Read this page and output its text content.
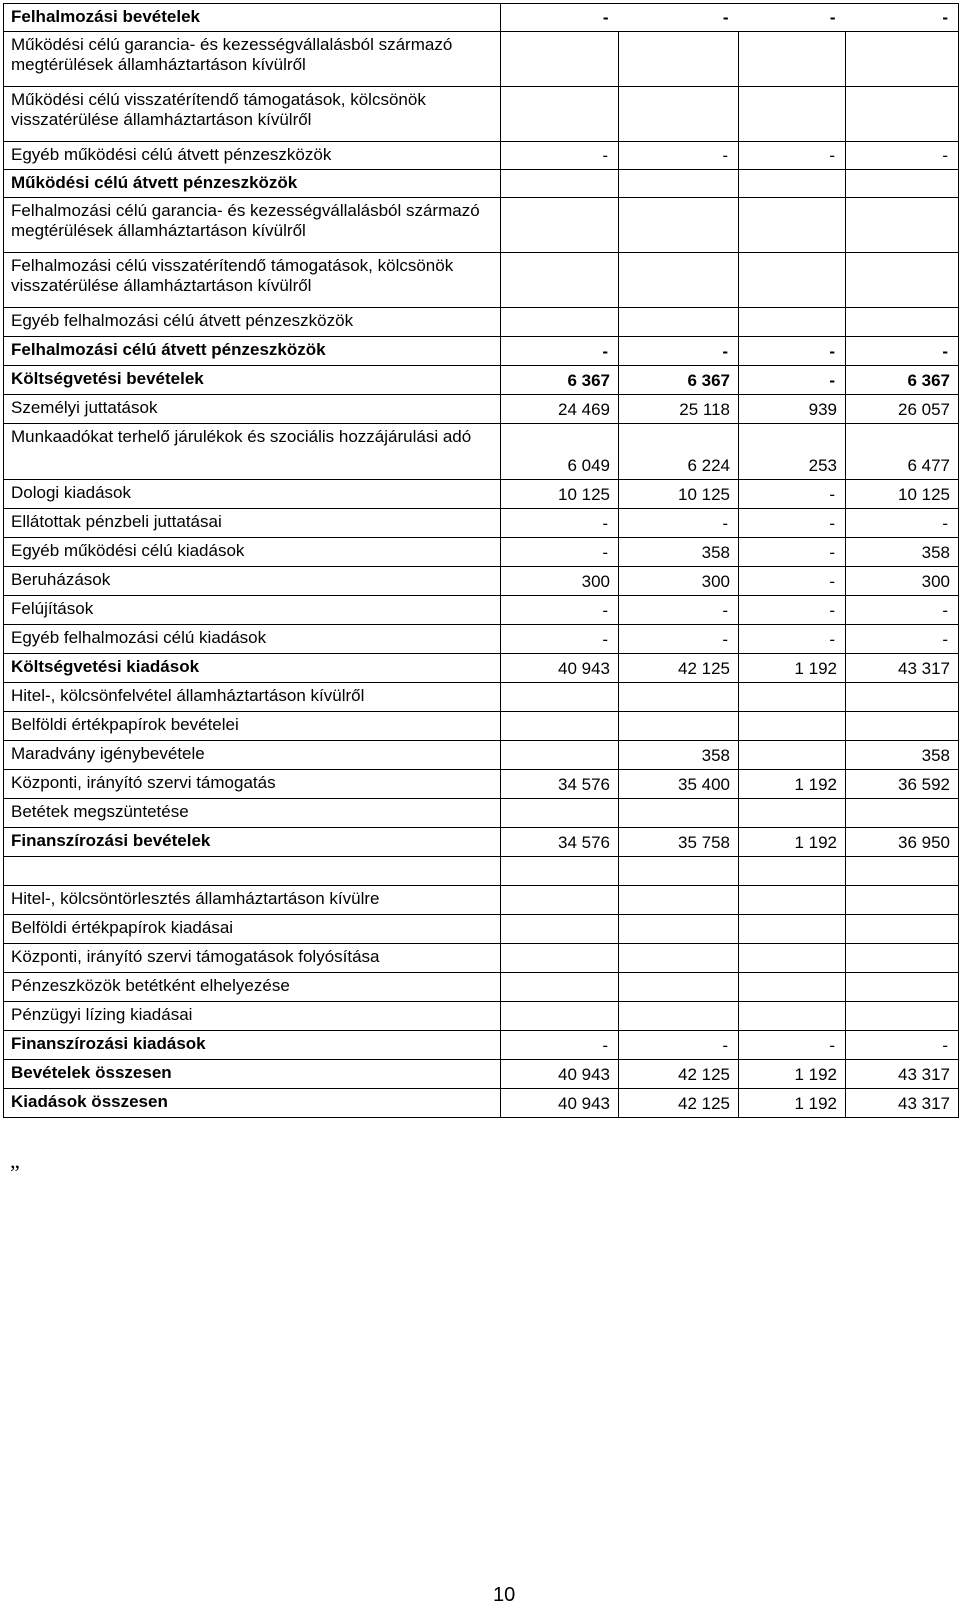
Felhalmozási bevételek	-	-	-	-
Működési célú garancia- és kezességvállalásból származó megtérülések államháztartáson kívülről				
Működési célú visszatérítendő támogatások, kölcsönök visszatérülése államháztartáson kívülről				
Egyéb működési célú átvett pénzeszközök	-	-	-	-
Működési célú átvett pénzeszközök				
Felhalmozási célú garancia- és kezességvállalásból származó megtérülések államháztartáson kívülről				
Felhalmozási célú visszatérítendő támogatások, kölcsönök visszatérülése államháztartáson kívülről				
Egyéb felhalmozási célú átvett pénzeszközök				
Felhalmozási célú átvett pénzeszközök	-	-	-	-
Költségvetési bevételek	6 367	6 367	-	6 367
Személyi juttatások	24 469	25 118	939	26 057
Munkaadókat terhelő járulékok és szociális hozzájárulási adó	6 049	6 224	253	6 477
Dologi kiadások	10 125	10 125	-	10 125
Ellátottak pénzbeli juttatásai	-	-	-	-
Egyéb működési célú kiadások	-	358	-	358
Beruházások	300	300	-	300
Felújítások	-	-	-	-
Egyéb felhalmozási célú kiadások	-	-	-	-
Költségvetési kiadások	40 943	42 125	1 192	43 317
Hitel-, kölcsönfelvétel államháztartáson kívülről				
Belföldi értékpapírok bevételei				
Maradvány igénybevétele		358		358
Központi, irányító szervi támogatás	34 576	35 400	1 192	36 592
Betétek megszüntetése				
Finanszírozási bevételek	34 576	35 758	1 192	36 950

Hitel-, kölcsöntörlesztés államháztartáson kívülre				
Belföldi értékpapírok kiadásai				
Központi, irányító szervi támogatások folyósítása				
Pénzeszközök betétként elhelyezése				
Pénzügyi lízing kiadásai				
Finanszírozási kiadások	-	-	-	-
Bevételek összesen	40 943	42 125	1 192	43 317
Kiadások összesen	40 943	42 125	1 192	43 317
„
10
